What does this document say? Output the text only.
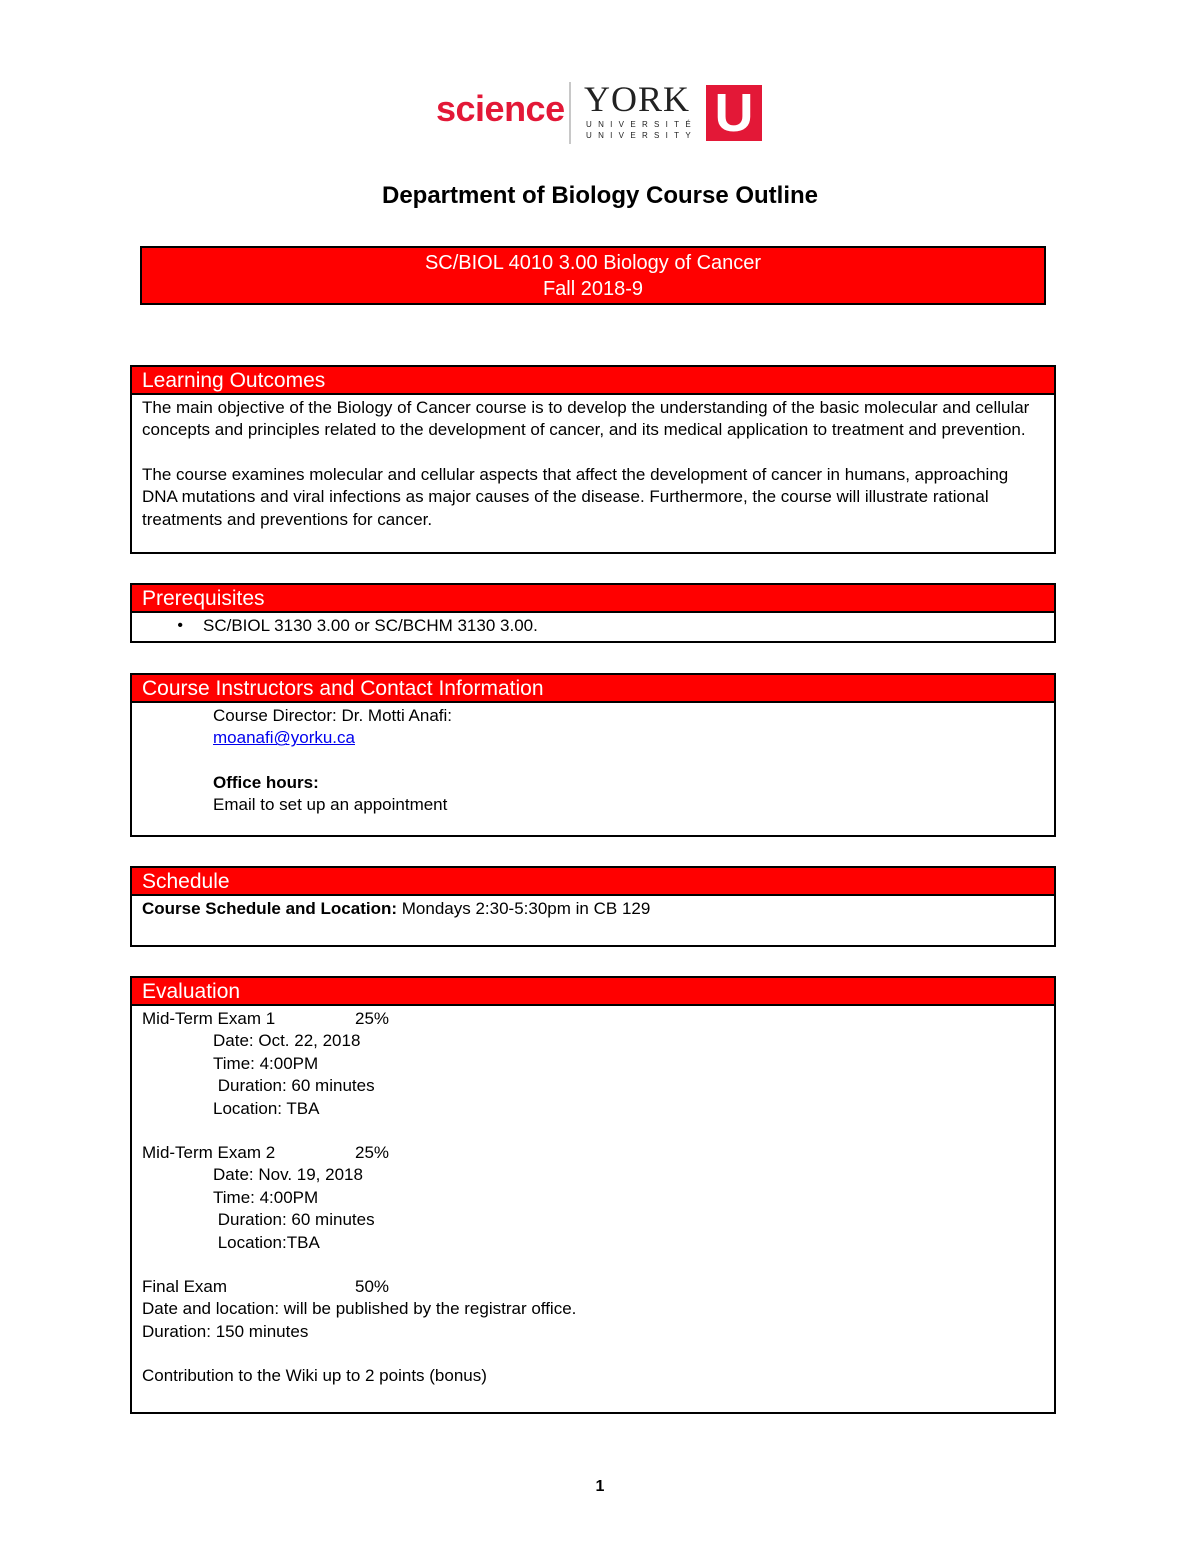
science YORK
UNIVERSITÉ
UNIVERSITY U
Department of Biology Course Outline
SC/BIOL 4010 3.00 Biology of Cancer
Fall 2018-9
Learning Outcomes

The main objective of the Biology of Cancer course is to develop the understanding of the basic molecular and cellular concepts and principles related to the development of cancer, and its medical application to treatment and prevention.

The course examines molecular and cellular aspects that affect the development of cancer in humans, approaching DNA mutations and viral infections as major causes of the disease. Furthermore, the course will illustrate rational treatments and preventions for cancer.

Prerequisites
•	SC/BIOL 3130 3.00 or SC/BCHM 3130 3.00.
Course Instructors and Contact Information

Course Director: Dr. Motti Anafi:

moanafi@yorku.ca

Office hours:

Email to set up an appointment

Schedule

Course Schedule and Location: Mondays 2:30-5:30pm in CB 129

Evaluation
Mid-Term Exam 1	25%

Date: Oct. 22, 2018

Time: 4:00PM

Duration: 60 minutes

Location: TBA

Mid-Term Exam 2	25%

Date: Nov. 19, 2018

Time: 4:00PM

Duration: 60 minutes

Location:TBA

Final Exam	50%

Date and location: will be published by the registrar office.

Duration: 150 minutes

Contribution to the Wiki up to 2 points (bonus)

1
